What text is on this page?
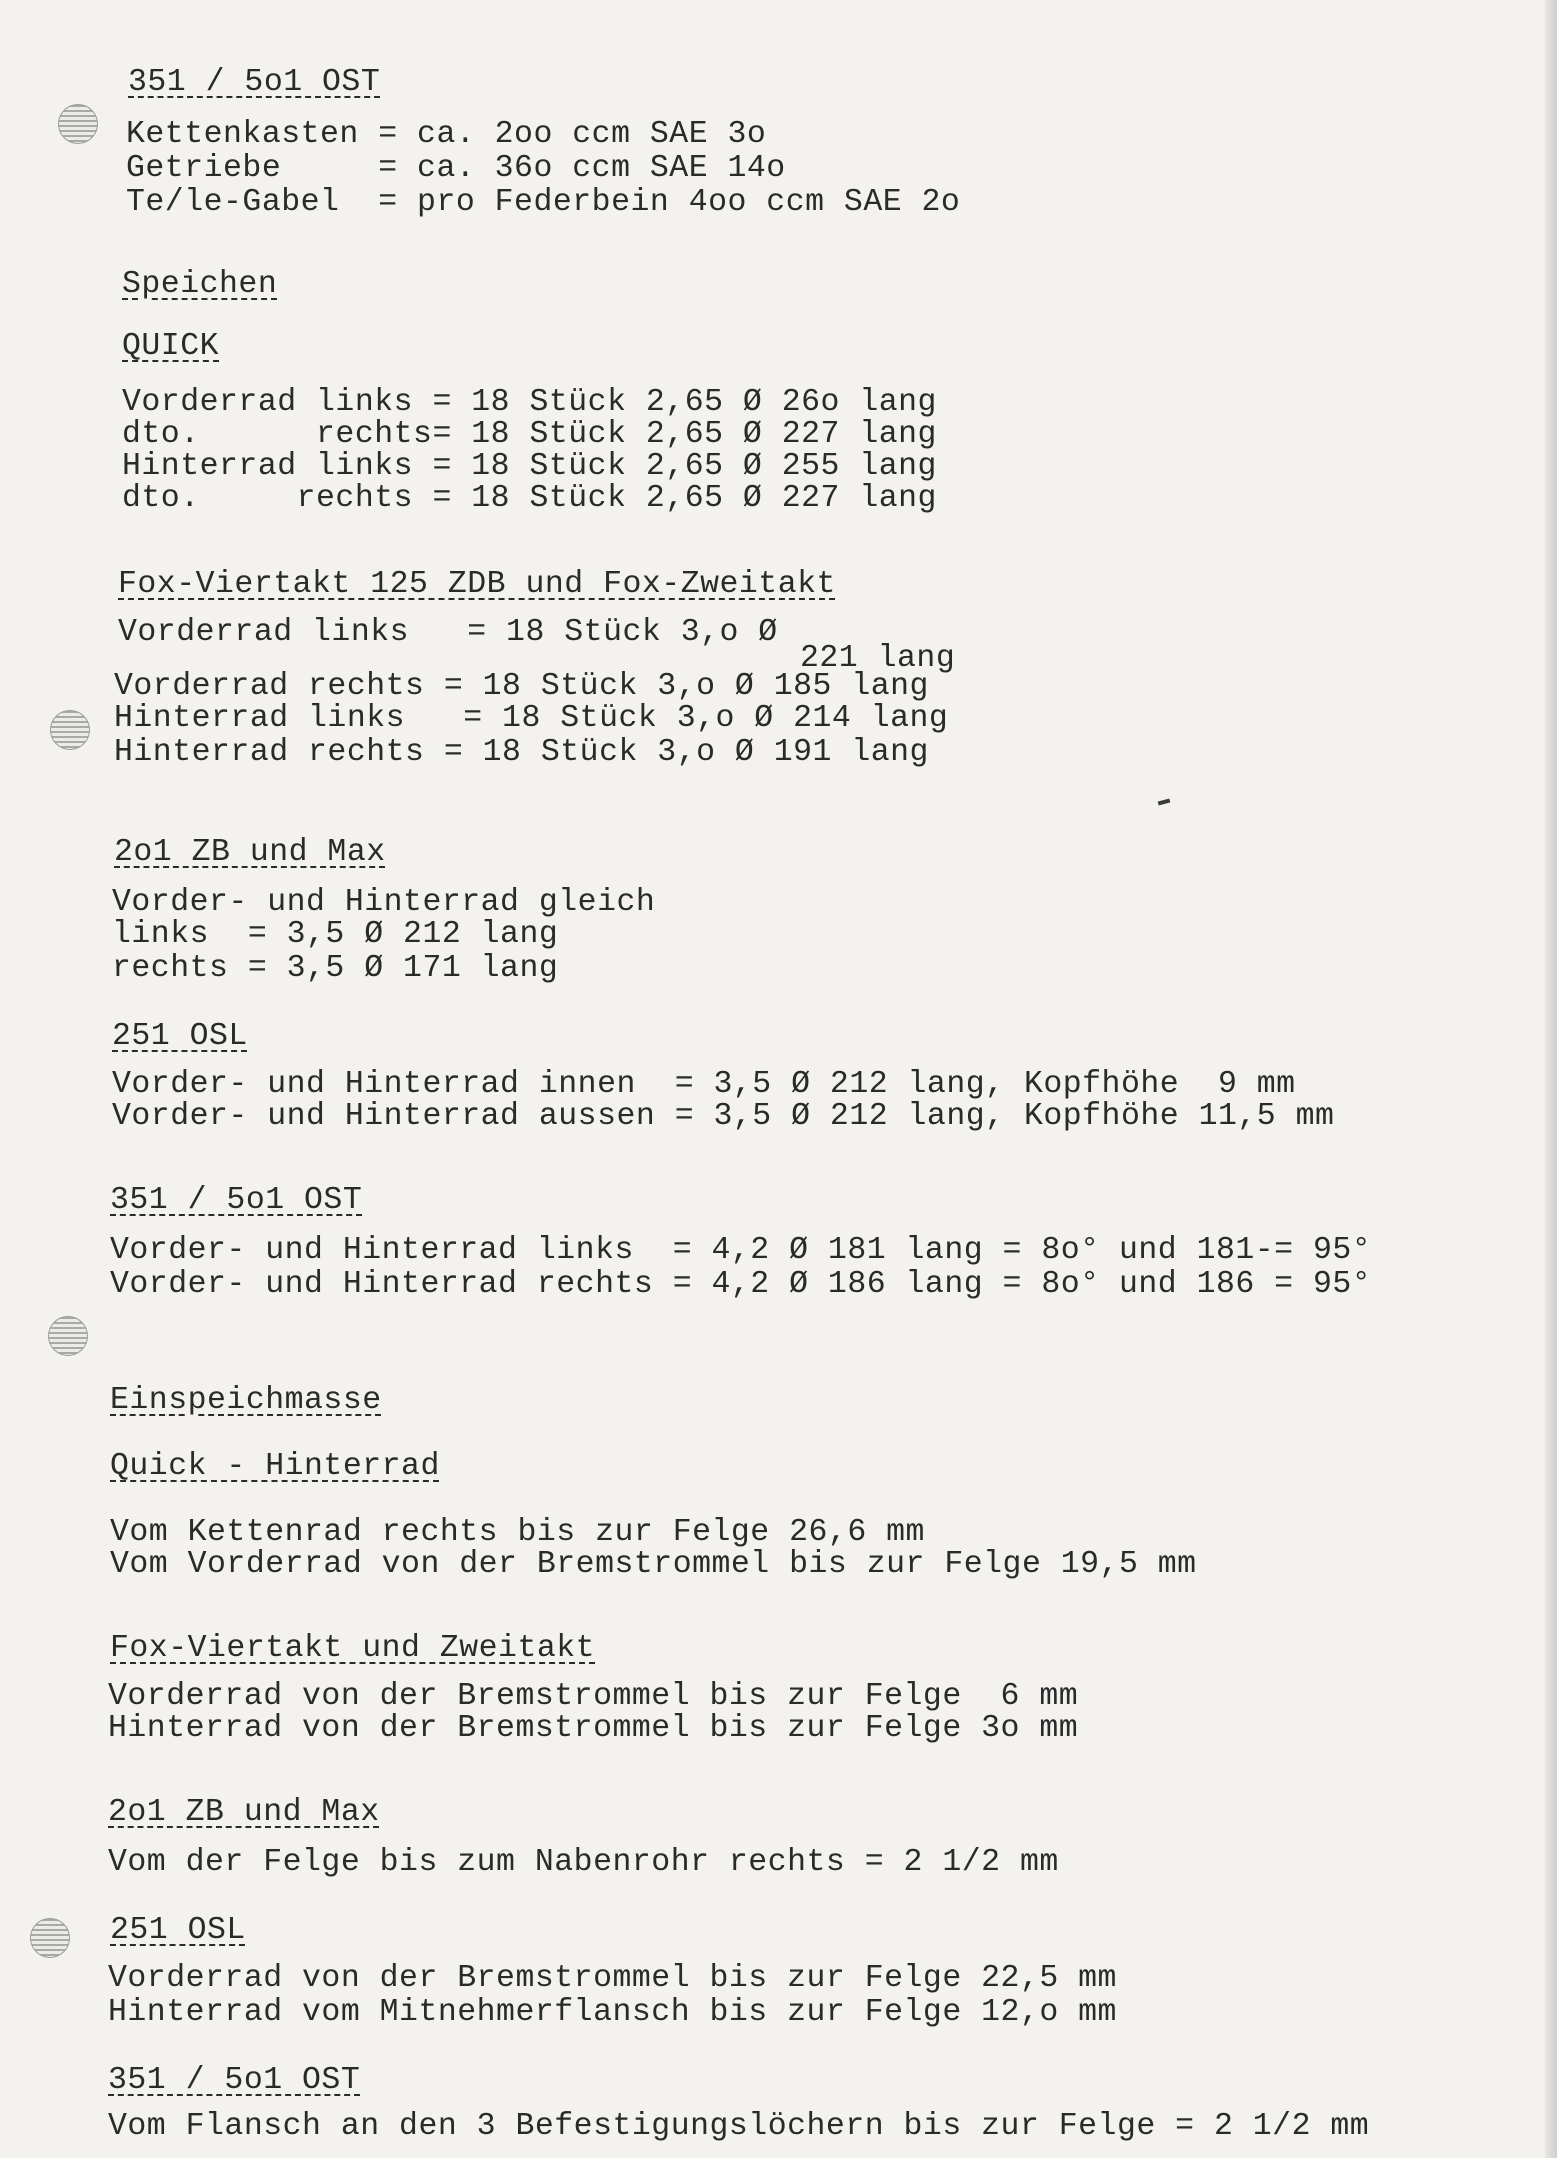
351 / 5o1 OST
Kettenkasten = ca. 2oo ccm SAE 3o
Getriebe     = ca. 36o ccm SAE 14o
Te/le-Gabel  = pro Federbein 4oo ccm SAE 2o
Speichen
QUICK
Vorderrad links = 18 Stück 2,65 Ø 26o lang
dto.      rechts= 18 Stück 2,65 Ø 227 lang
Hinterrad links = 18 Stück 2,65 Ø 255 lang
dto.     rechts = 18 Stück 2,65 Ø 227 lang
Fox-Viertakt 125 ZDB und Fox-Zweitakt
Vorderrad links   = 18 Stück 3,o Ø
221 lang
Vorderrad rechts = 18 Stück 3,o Ø 185 lang
Hinterrad links   = 18 Stück 3,o Ø 214 lang
Hinterrad rechts = 18 Stück 3,o Ø 191 lang
2o1 ZB und Max
Vorder- und Hinterrad gleich
links  = 3,5 Ø 212 lang
rechts = 3,5 Ø 171 lang
251 OSL
Vorder- und Hinterrad innen  = 3,5 Ø 212 lang, Kopfhöhe  9 mm
Vorder- und Hinterrad aussen = 3,5 Ø 212 lang, Kopfhöhe 11,5 mm
351 / 5o1 OST
Vorder- und Hinterrad links  = 4,2 Ø 181 lang = 8o° und 181-= 95°
Vorder- und Hinterrad rechts = 4,2 Ø 186 lang = 8o° und 186 = 95°
Einspeichmasse
Quick - Hinterrad
Vom Kettenrad rechts bis zur Felge 26,6 mm
Vom Vorderrad von der Bremstrommel bis zur Felge 19,5 mm
Fox-Viertakt und Zweitakt
Vorderrad von der Bremstrommel bis zur Felge  6 mm
Hinterrad von der Bremstrommel bis zur Felge 3o mm
2o1 ZB und Max
Vom der Felge bis zum Nabenrohr rechts = 2 1/2 mm
251 OSL
Vorderrad von der Bremstrommel bis zur Felge 22,5 mm
Hinterrad vom Mitnehmerflansch bis zur Felge 12,o mm
351 / 5o1 OST
Vom Flansch an den 3 Befestigungslöchern bis zur Felge = 2 1/2 mm
